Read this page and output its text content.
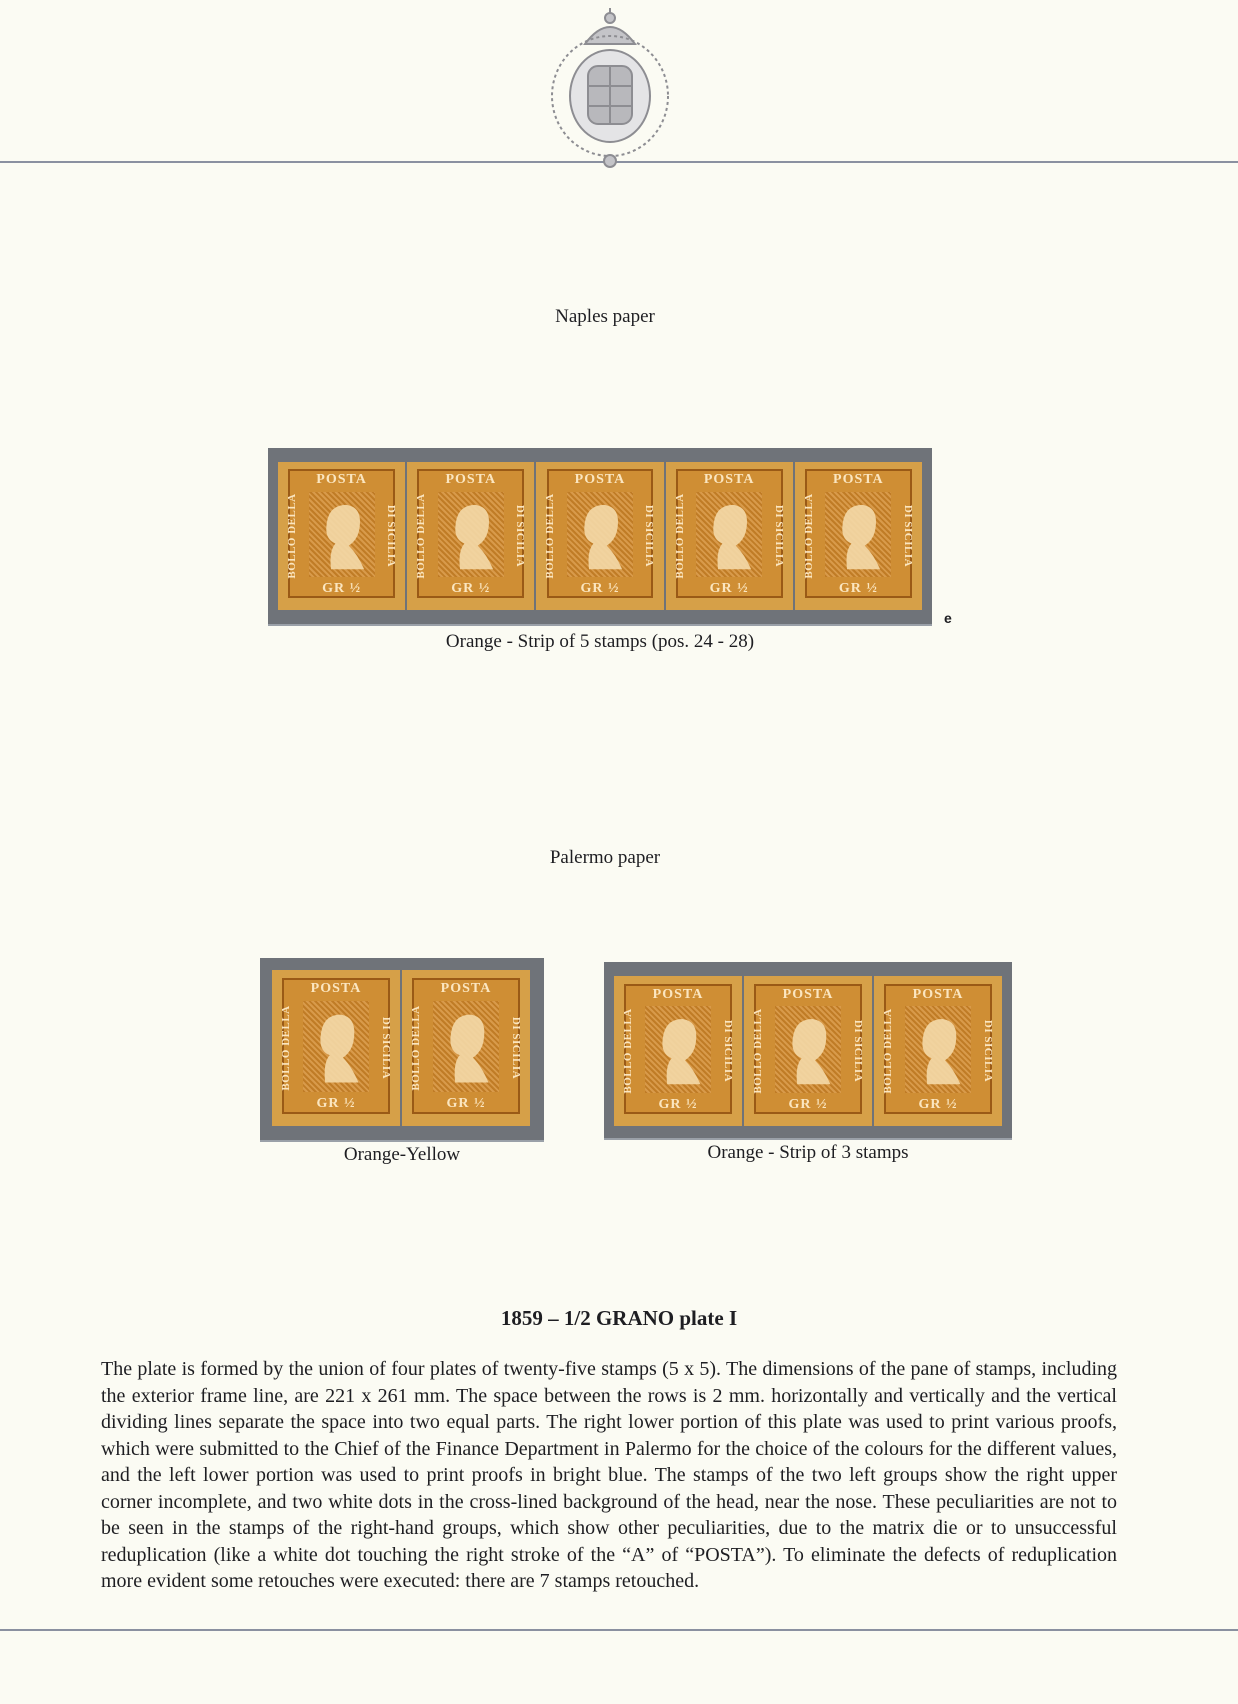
Naples paper
POSTA
BOLLO DELLA	DI SICILIA
GR ½
POSTA
BOLLO DELLA	DI SICILIA
GR ½
POSTA
BOLLO DELLA	DI SICILIA
GR ½
POSTA
BOLLO DELLA	DI SICILIA
GR ½
POSTA
BOLLO DELLA	DI SICILIA
GR ½
Orange - Strip of 5 stamps (pos. 24 - 28)
e
Palermo paper
POSTA
BOLLO DELLA	DI SICILIA
GR ½
POSTA
BOLLO DELLA	DI SICILIA
GR ½
Orange-Yellow
POSTA
BOLLO DELLA	DI SICILIA
GR ½
POSTA
BOLLO DELLA	DI SICILIA
GR ½
POSTA
BOLLO DELLA	DI SICILIA
GR ½
Orange - Strip of 3 stamps
1859 – 1/2 GRANO plate I
The plate is formed by the union of four plates of twenty-five stamps (5 x 5). The dimensions of the pane of stamps, including the exterior frame line, are 221 x 261 mm. The space between the rows is 2 mm. horizontally and vertically and the vertical dividing lines separate the space into two equal parts. The right lower portion of this plate was used to print various proofs, which were submitted to the Chief of the Finance Department in Palermo for the choice of the colours for the different values, and the left lower portion was used to print proofs in bright blue. The stamps of the two left groups show the right upper corner incomplete, and two white dots in the cross-lined background of the head, near the nose. These peculiarities are not to be seen in the stamps of the right-hand groups, which show other peculiarities, due to the matrix die or to unsuccessful reduplication (like a white dot touching the right stroke of the “A” of “POSTA”). To eliminate the defects of reduplication more evident some retouches were executed: there are 7 stamps retouched.
